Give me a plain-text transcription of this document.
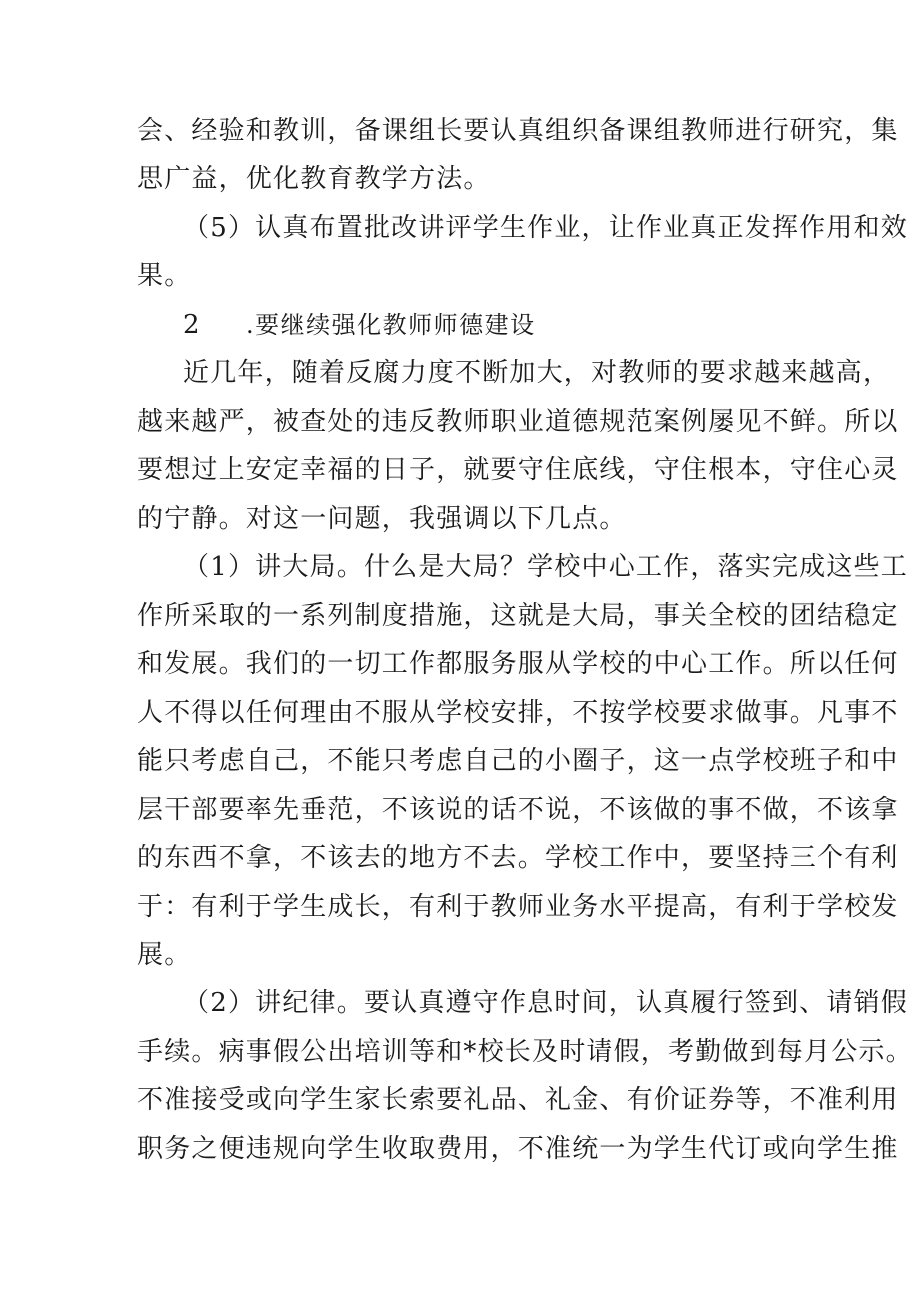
会、经验和教训，备课组长要认真组织备课组教师进行研究，集
思广益，优化教育教学方法。
（5）认真布置批改讲评学生作业，让作业真正发挥作用和效
果。
2 .要继续强化教师师德建设
近几年，随着反腐力度不断加大，对教师的要求越来越高，
越来越严，被查处的违反教师职业道德规范案例屡见不鲜。所以
要想过上安定幸福的日子，就要守住底线，守住根本，守住心灵
的宁静。对这一问题，我强调以下几点。
（1）讲大局。什么是大局？学校中心工作，落实完成这些工
作所采取的一系列制度措施，这就是大局，事关全校的团结稳定
和发展。我们的一切工作都服务服从学校的中心工作。所以任何
人不得以任何理由不服从学校安排，不按学校要求做事。凡事不
能只考虑自己，不能只考虑自己的小圈子，这一点学校班子和中
层干部要率先垂范，不该说的话不说，不该做的事不做，不该拿
的东西不拿，不该去的地方不去。学校工作中，要坚持三个有利
于：有利于学生成长，有利于教师业务水平提高，有利于学校发
展。
（2）讲纪律。要认真遵守作息时间，认真履行签到、请销假
手续。病事假公出培训等和*校长及时请假，考勤做到每月公示。
不准接受或向学生家长索要礼品、礼金、有价证券等，不准利用
职务之便违规向学生收取费用，不准统一为学生代订或向学生推
